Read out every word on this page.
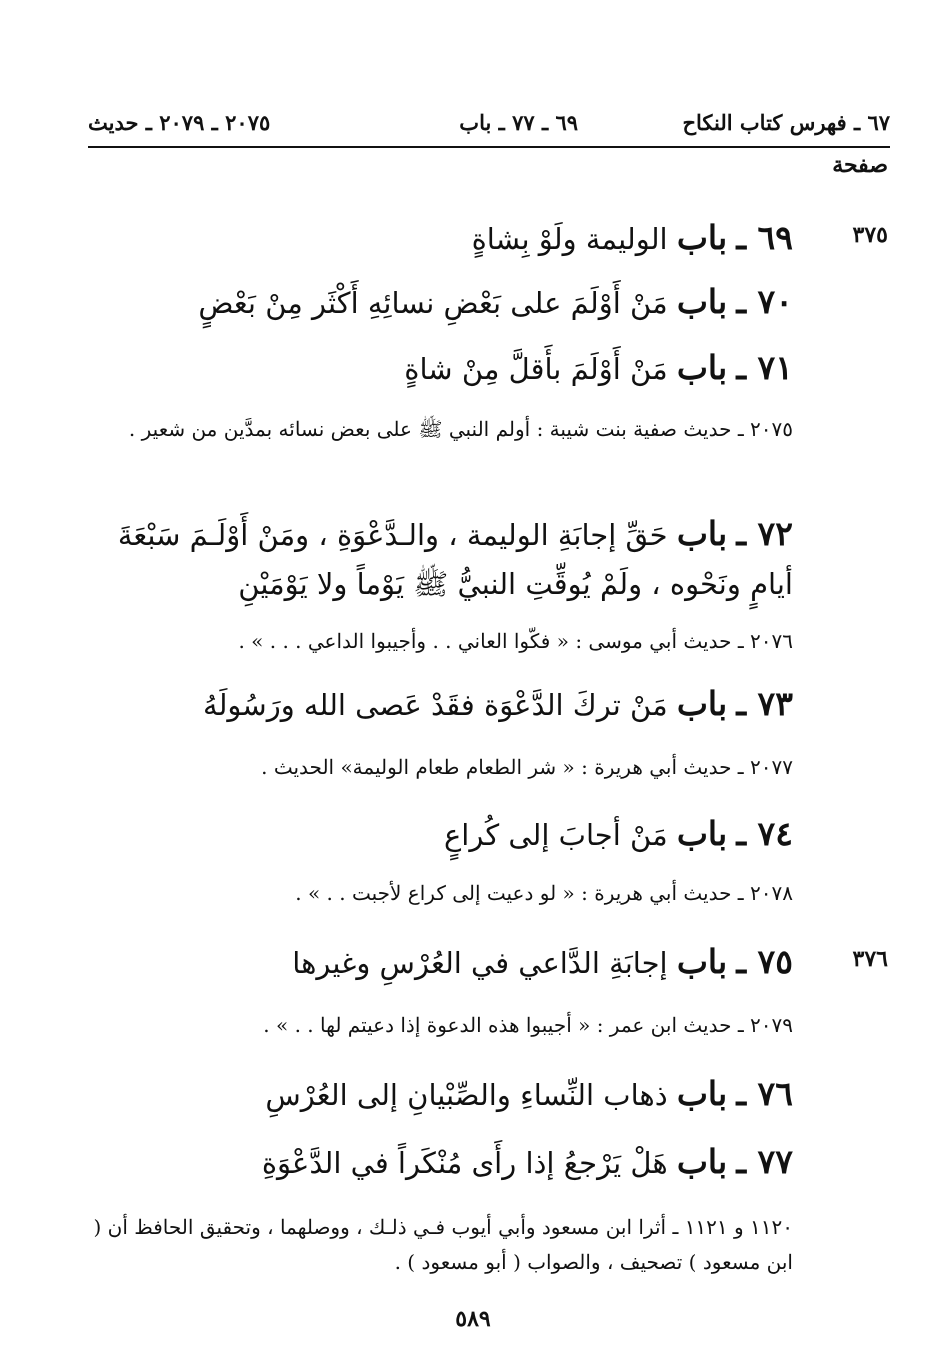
٦٧ ـ فهرس كتاب النكاح
٦٩ ـ ٧٧ ـ باب
٢٠٧٥ ـ ٢٠٧٩ ـ حديث
صفحة
٣٧٥
٣٧٦
٦٩ ـ باب الوليمة ولَوْ بِشاةٍ
٧٠ ـ باب مَنْ أَوْلَمَ على بَعْضِ نسائِهِ أَكْثَر مِنْ بَعْضٍ
٧١ ـ باب مَنْ أَوْلَمَ بأَقلَّ مِنْ شاةٍ
٢٠٧٥ ـ حديث صفية بنت شيبة : أولم النبي ﷺ على بعض نسائه بمدَّين من شعير .
٧٢ ـ باب حَقِّ إجابَةِ الوليمة ، والـدَّعْوَةِ ، ومَنْ أَوْلَـمَ سَبْعَةَ أيامٍ ونَحْوه ، ولَمْ يُوقِّتِ النبيُّ ﷺ يَوْماً ولا يَوْمَيْنِ
٢٠٧٦ ـ حديث أبي موسى : « فكّوا العاني . . وأجيبوا الداعي . . . » .
٧٣ ـ باب مَنْ تركَ الدَّعْوَة فقَدْ عَصى الله ورَسُولَهُ
٢٠٧٧ ـ حديث أبي هريرة : « شر الطعام طعام الوليمة» الحديث .
٧٤ ـ باب مَنْ أجابَ إلى كُراعٍ
٢٠٧٨ ـ حديث أبي هريرة : « لو دعيت إلى كراع لأجبت . . » .
٧٥ ـ باب إجابَةِ الدَّاعي في العُرْسِ وغيرها
٢٠٧٩ ـ حديث ابن عمر : « أجيبوا هذه الدعوة إذا دعيتم لها . . » .
٧٦ ـ باب ذهاب النِّساءِ والصِّبْيانِ إلى العُرْسِ
٧٧ ـ باب هَلْ يَرْجعُ إذا رأَى مُنْكَراً في الدَّعْوَةِ
١١٢٠ و ١١٢١ ـ أثرا ابن مسعود وأبي أيوب فـي ذلـك ، ووصلهما ، وتحقيق الحافظ أن ( ابن مسعود ) تصحيف ، والصواب ( أبو مسعود ) .
٥٨٩
